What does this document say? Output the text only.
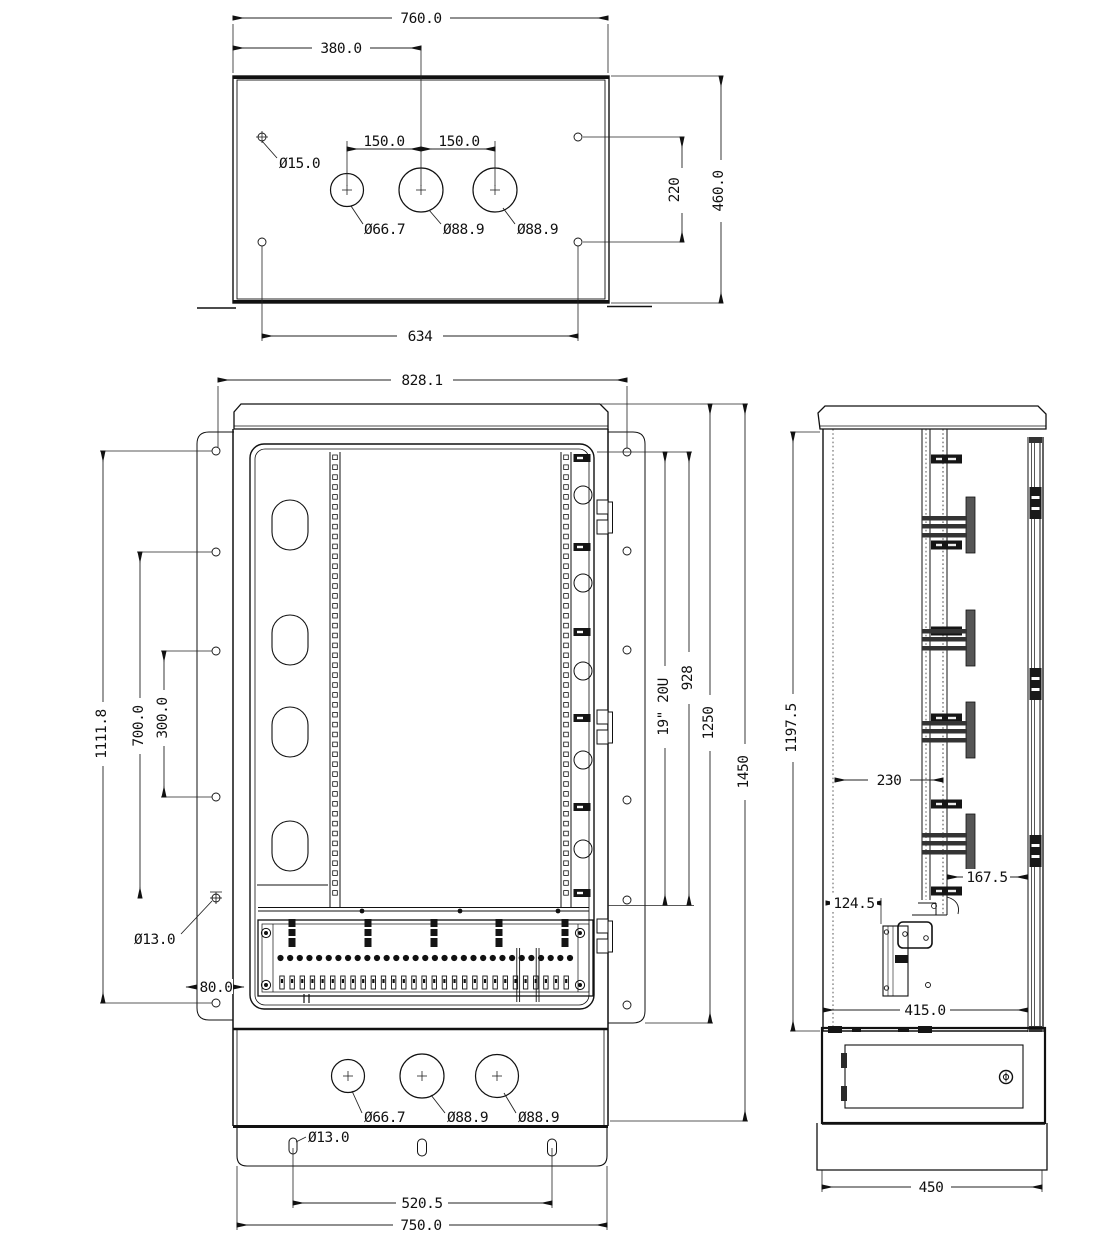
760.0
380.0
150.0 150.0
Ø15.0
Ø66.7	Ø88.9 Ø88.9
220 460.0
634
Ø66.7	Ø88.9 Ø88.9
Ø13.0
828.1
1111.8 700.0 300.0
Ø13.0
80.0
19" 20U
928
1250
1450
520.5
750.0
1197.5
230
167.5
124.5
415.0
450
